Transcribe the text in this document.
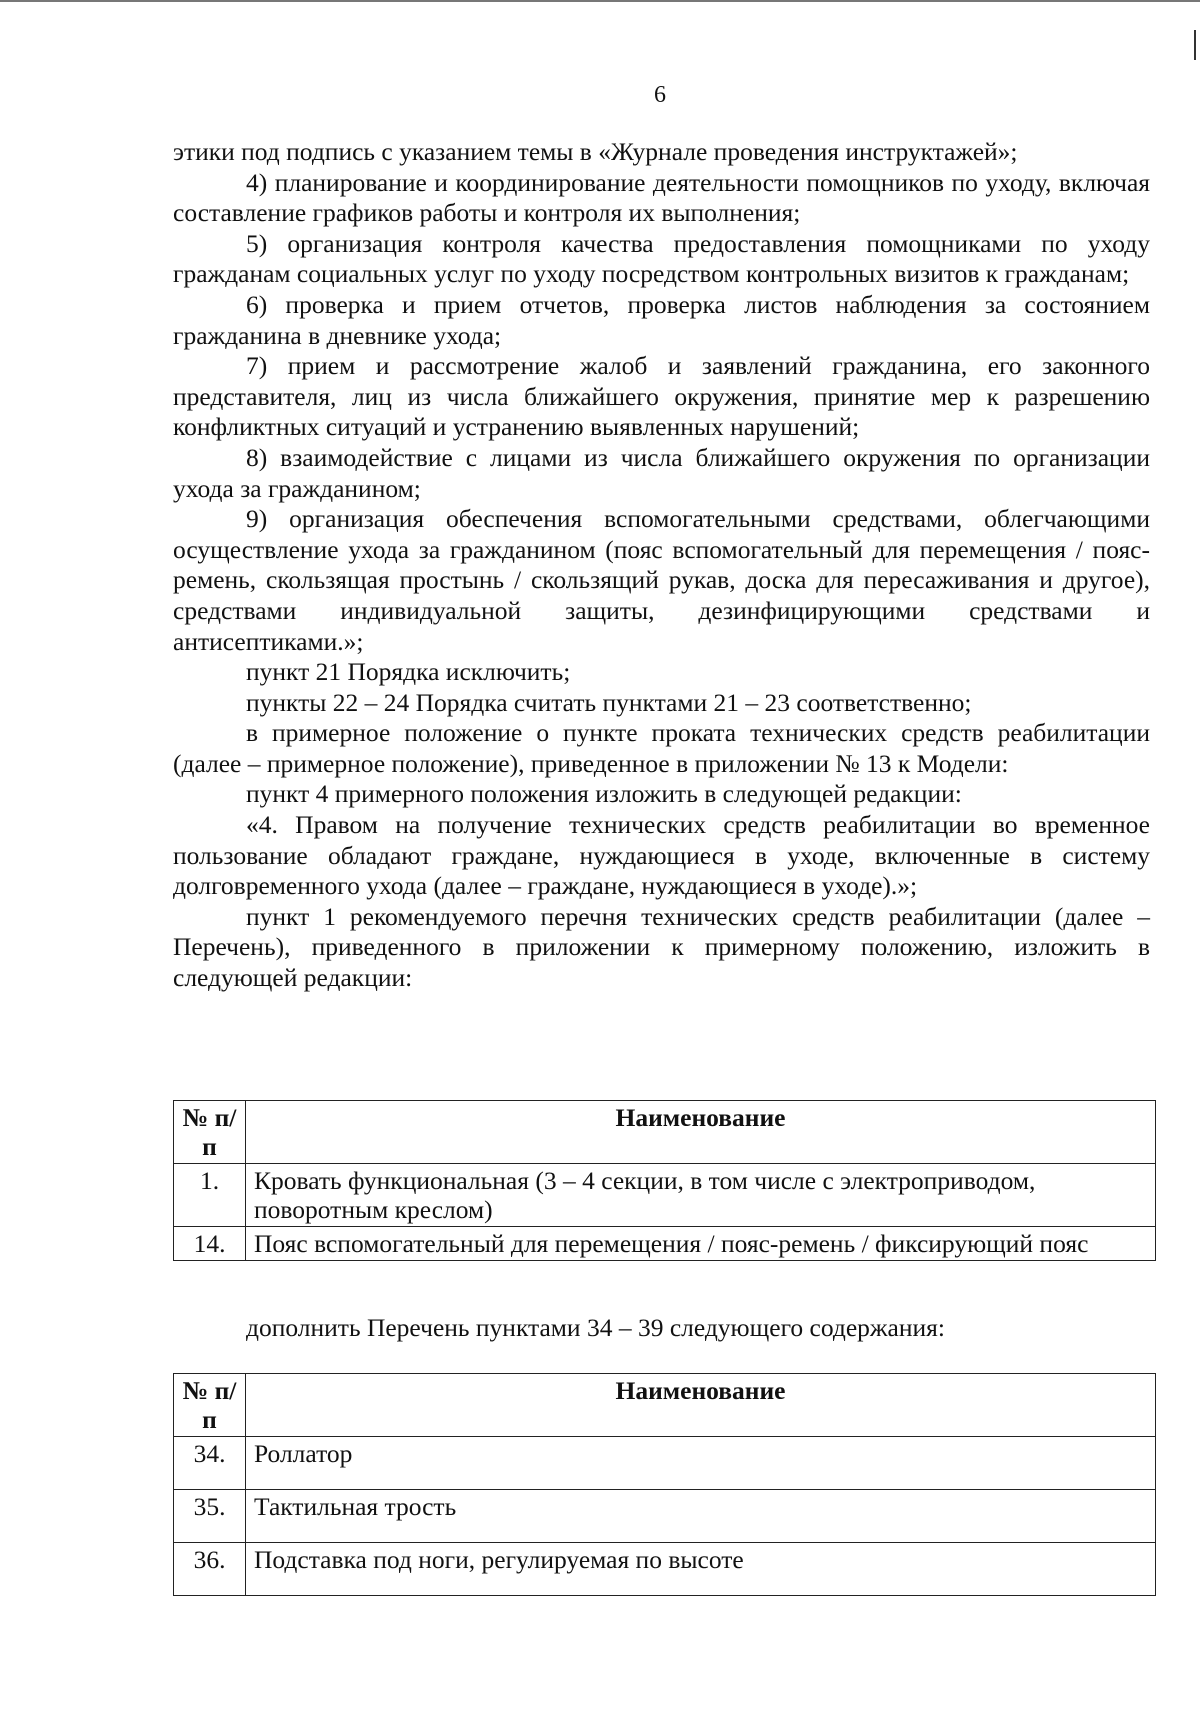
6

этики под подпись с указанием темы в «Журнале проведения инструктажей»;

4) планирование и координирование деятельности помощников по уходу, включая составление графиков работы и контроля их выполнения;

5) организация контроля качества предоставления помощниками по уходу гражданам социальных услуг по уходу посредством контрольных визитов к гражданам;

6) проверка и прием отчетов, проверка листов наблюдения за состоянием гражданина в дневнике ухода;

7) прием и рассмотрение жалоб и заявлений гражданина, его законного представителя, лиц из числа ближайшего окружения, принятие мер к разрешению конфликтных ситуаций и устранению выявленных нарушений;

8) взаимодействие с лицами из числа ближайшего окружения по организации ухода за гражданином;

9) организация обеспечения вспомогательными средствами, облегчающими осуществление ухода за гражданином (пояс вспомогательный для перемещения / пояс-ремень, скользящая простынь / скользящий рукав, доска для пересаживания и другое), средствами индивидуальной защиты, дезинфицирующими средствами и антисептиками.»;

пункт 21 Порядка исключить;

пункты 22 – 24 Порядка считать пунктами 21 – 23 соответственно;

в примерное положение о пункте проката технических средств реабилитации (далее – примерное положение), приведенное в приложении № 13 к Модели:

пункт 4 примерного положения изложить в следующей редакции:

«4. Правом на получение технических средств реабилитации во временное пользование обладают граждане, нуждающиеся в уходе, включенные в систему долговременного ухода (далее – граждане, нуждающиеся в уходе).»;

пункт 1 рекомендуемого перечня технических средств реабилитации (далее – Перечень), приведенного в приложении к примерному положению, изложить в следующей редакции:

№ п/п	Наименование
1.	Кровать функциональная (3 – 4 секции, в том числе с электроприводом, поворотным креслом)
14.	Пояс вспомогательный для перемещения / пояс-ремень / фиксирующий пояс
дополнить Перечень пунктами 34 – 39 следующего содержания:
№ п/п	Наименование
34.	Роллатор
35.	Тактильная трость
36.	Подставка под ноги, регулируемая по высоте
